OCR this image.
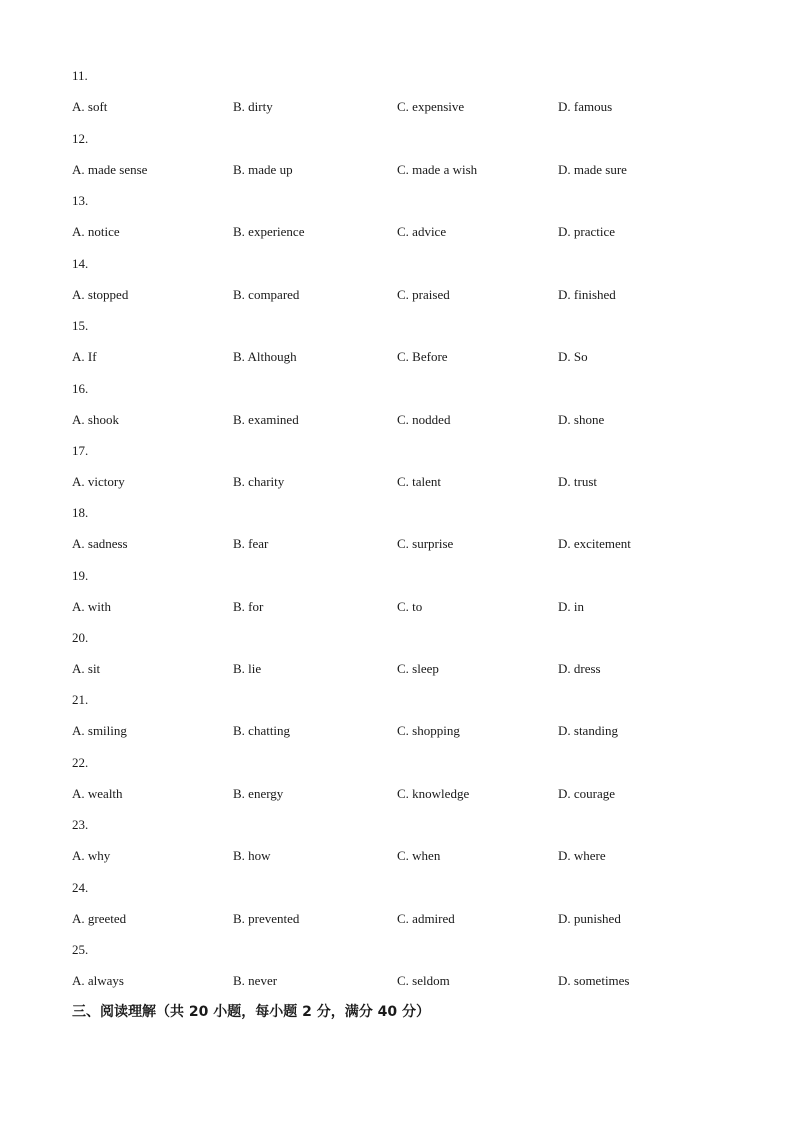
11.
A. soft	B. dirty	C. expensive	D. famous
12.
A. made sense	B. made up	C. made a wish	D. made sure
13.
A. notice	B. experience	C. advice	D. practice
14.
A. stopped	B. compared	C. praised	D. finished
15.
A. If	B. Although	C. Before	D. So
16.
A. shook	B. examined	C. nodded	D. shone
17.
A. victory	B. charity	C. talent	D. trust
18.
A. sadness	B. fear	C. surprise	D. excitement
19.
A. with	B. for	C. to	D. in
20.
A. sit	B. lie	C. sleep	D. dress
21.
A. smiling	B. chatting	C. shopping	D. standing
22.
A. wealth	B. energy	C. knowledge	D. courage
23.
A. why	B. how	C. when	D. where
24.
A. greeted	B. prevented	C. admired	D. punished
25.
A. always	B. never	C. seldom	D. sometimes
三、阅读理解（共 20 小题，每小题 2 分，满分 40 分）
